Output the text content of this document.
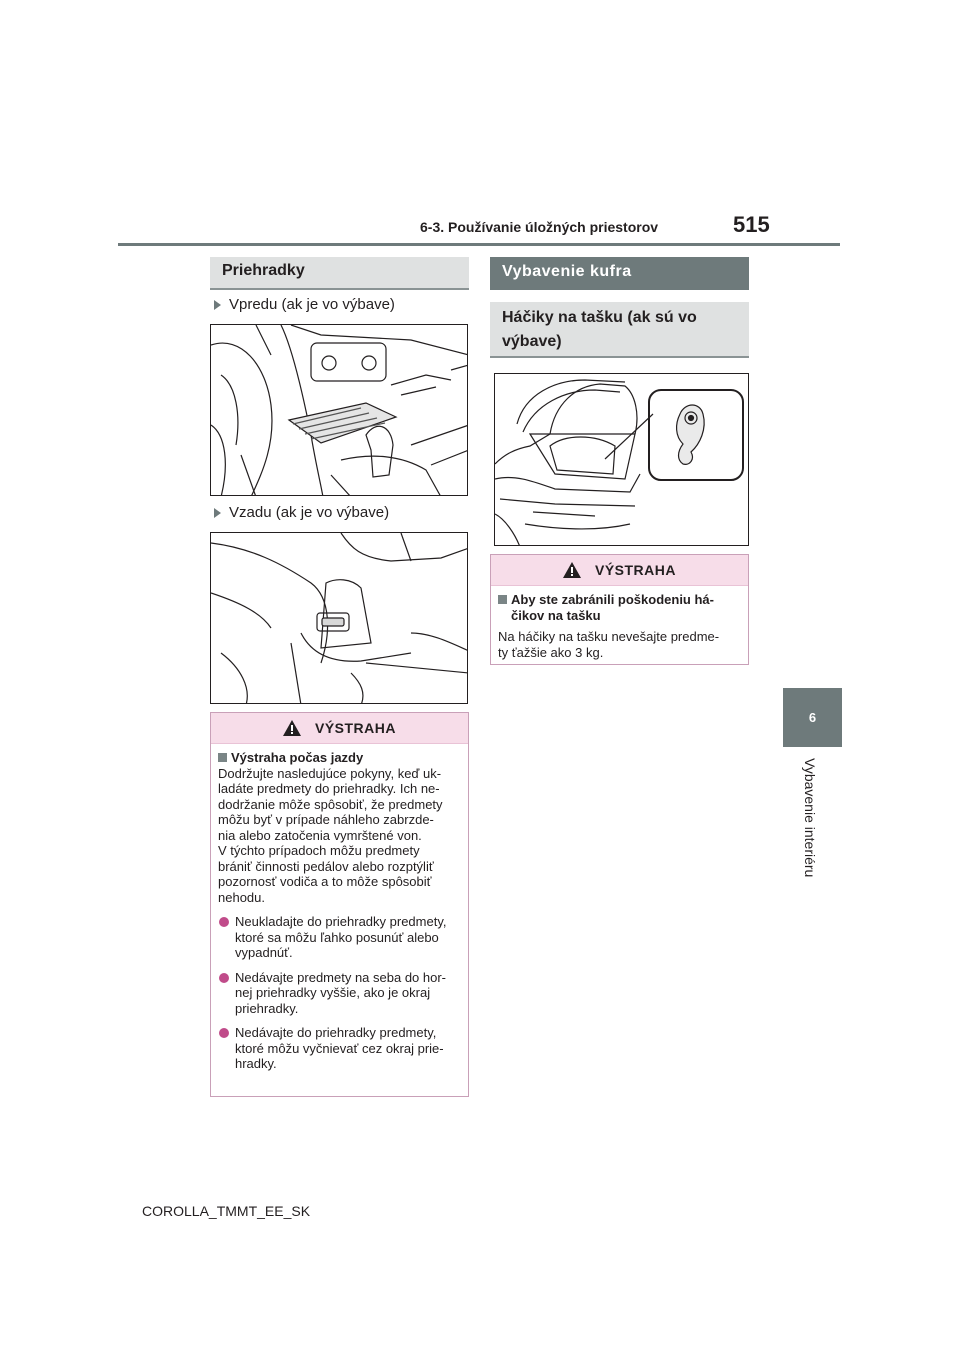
6-3. Používanie úložných priestorov	515
6
Vybavenie interiéru
Priehradky
Vpredu (ak je vo výbave)
Vzadu (ak je vo výbave)
VÝSTRAHA
Výstraha počas jazdy
Dodržujte nasledujúce pokyny, keď uk-
ladáte predmety do priehradky. Ich ne-
dodržanie môže spôsobiť, že predmety
môžu byť v prípade náhleho zabrzde-
nia alebo zatočenia vymrštené von.
V týchto prípadoch môžu predmety
brániť činnosti pedálov alebo rozptýliť
pozornosť vodiča a to môže spôsobiť
nehodu.
Neukladajte do priehradky predmety,
ktoré sa môžu ľahko posunúť alebo
vypadnúť.
Nedávajte predmety na seba do hor-
nej priehradky vyššie, ako je okraj
priehradky.
Nedávajte do priehradky predmety,
ktoré môžu vyčnievať cez okraj prie-
hradky.
Vybavenie kufra
Háčiky na tašku (ak sú vo
výbave)
VÝSTRAHA
Aby ste zabránili poškodeniu há-
čikov na tašku
Na háčiky na tašku nevešajte predme-
ty ťažšie ako 3 kg.
COROLLA_TMMT_EE_SK
